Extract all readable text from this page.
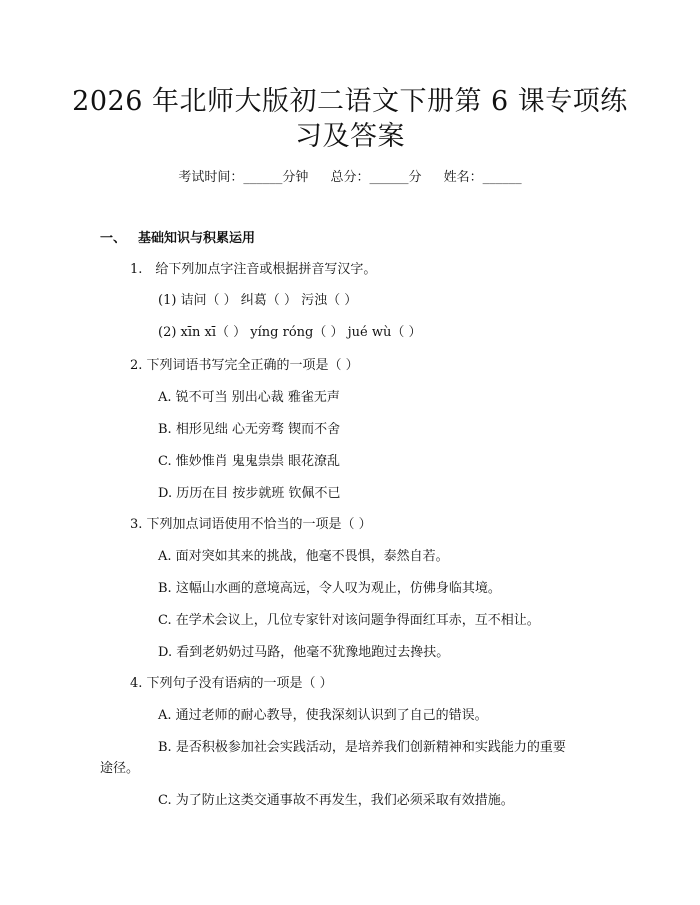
2026 年北师大版初二语文下册第 6 课专项练
习及答案
考试时间：______分钟 总分：______分 姓名：______
一、 基础知识与积累运用
1.　给下列加点字注音或根据拼音写汉字。
(1) 诘问（ ） 纠葛（ ） 污浊（ ）
(2) xīn xī（ ） yíng róng（ ） jué wù（ ）
2. 下列词语书写完全正确的一项是（ ）
A. 锐不可当 别出心裁 雅雀无声
B. 相形见绌 心无旁骛 锲而不舍
C. 惟妙惟肖 鬼鬼祟祟 眼花潦乱
D. 历历在目 按步就班 钦佩不已
3. 下列加点词语使用不恰当的一项是（ ）
A. 面对突如其来的挑战，他毫不畏惧，泰然自若。
B. 这幅山水画的意境高远，令人叹为观止，仿佛身临其境。
C. 在学术会议上，几位专家针对该问题争得面红耳赤，互不相让。
D. 看到老奶奶过马路，他毫不犹豫地跑过去搀扶。
4. 下列句子没有语病的一项是（ ）
A. 通过老师的耐心教导，使我深刻认识到了自己的错误。
B. 是否积极参加社会实践活动，是培养我们创新精神和实践能力的重要
途径。
C. 为了防止这类交通事故不再发生，我们必须采取有效措施。
